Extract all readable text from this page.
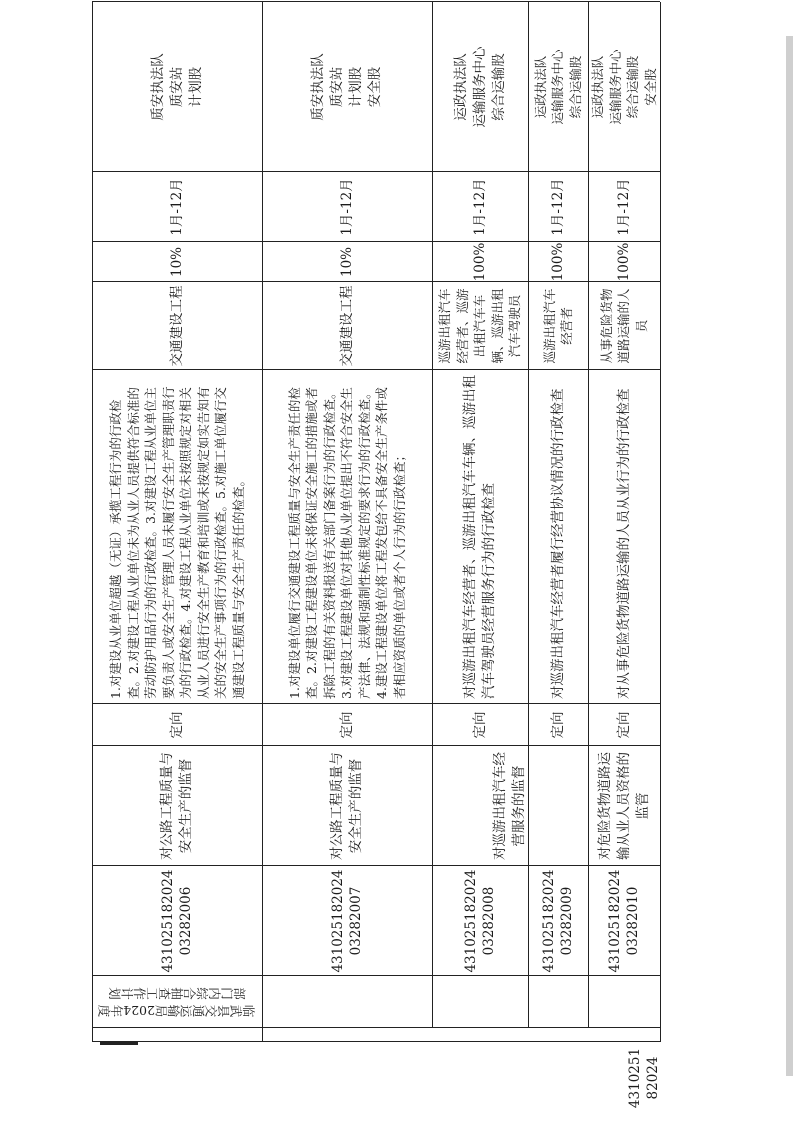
临武县交通运输局2024年度部门内综合抽查工作计划
431025182024
43102518202403282006
对公路工程质量与安全生产的监督
定向
1.对建设从业单位超越（无证）承揽工程行为的行政检查。2.对建设工程从业单位未为从业人员提供符合标准的劳动防护用品行为的行政检查。3.对建设工程从业单位主要负责人或安全生产管理人员未履行安全生产管理职责行为的行政检查。4.对建设工程从业单位未按照规定对相关从业人员进行安全生产教育和培训或未按规定如实告知有关的安全生产事项行为的行政检查。5.对施工单位履行交通建设工程质量与安全生产责任的检查。
交通建设工程
10%
1月-12月
质安执法队
质安站
计划股
43102518202403282007
对公路工程质量与安全生产的监督
定向
1.对建设单位履行交通建设工程质量与安全生产责任的检查。2.对建设工程建设单位未将保证安全施工的措施或者拆除工程的有关资料报送有关部门备案行为的行政检查。3.对建设工程建设单位对其他从业单位提出不符合安全生产法律、法规和强制性标准规定的要求行为的行政检查。4.建设工程建设单位将工程发包给不具备安全生产条件或者相应资质的单位或者个人行为的行政检查；
交通建设工程
10%
1月-12月
质安执法队
质安站
计划股
安全股
43102518202403282008
对巡游出租汽车经营服务的监督
定向
对巡游出租汽车经营者、巡游出租汽车车辆、巡游出租汽车驾驶员经营服务行为的行政检查
巡游出租汽车经营者、巡游出租汽车车辆、巡游出租汽车驾驶员
100%
1月-12月
运政执法队
运输服务中心
综合运输股
43102518202403282009
定向
对巡游出租汽车经营者履行经营协议情况的行政检查
巡游出租汽车经营者
100%
1月-12月
运政执法队
运输服务中心
综合运输股
43102518202403282010
对危险货物道路运输从业人员资格的监管
定向
对从事危险货物道路运输的人员从业行为的行政检查
从事危险货物道路运输的人员
100%
1月-12月
运政执法队
运输服务中心
综合运输股
安全股
